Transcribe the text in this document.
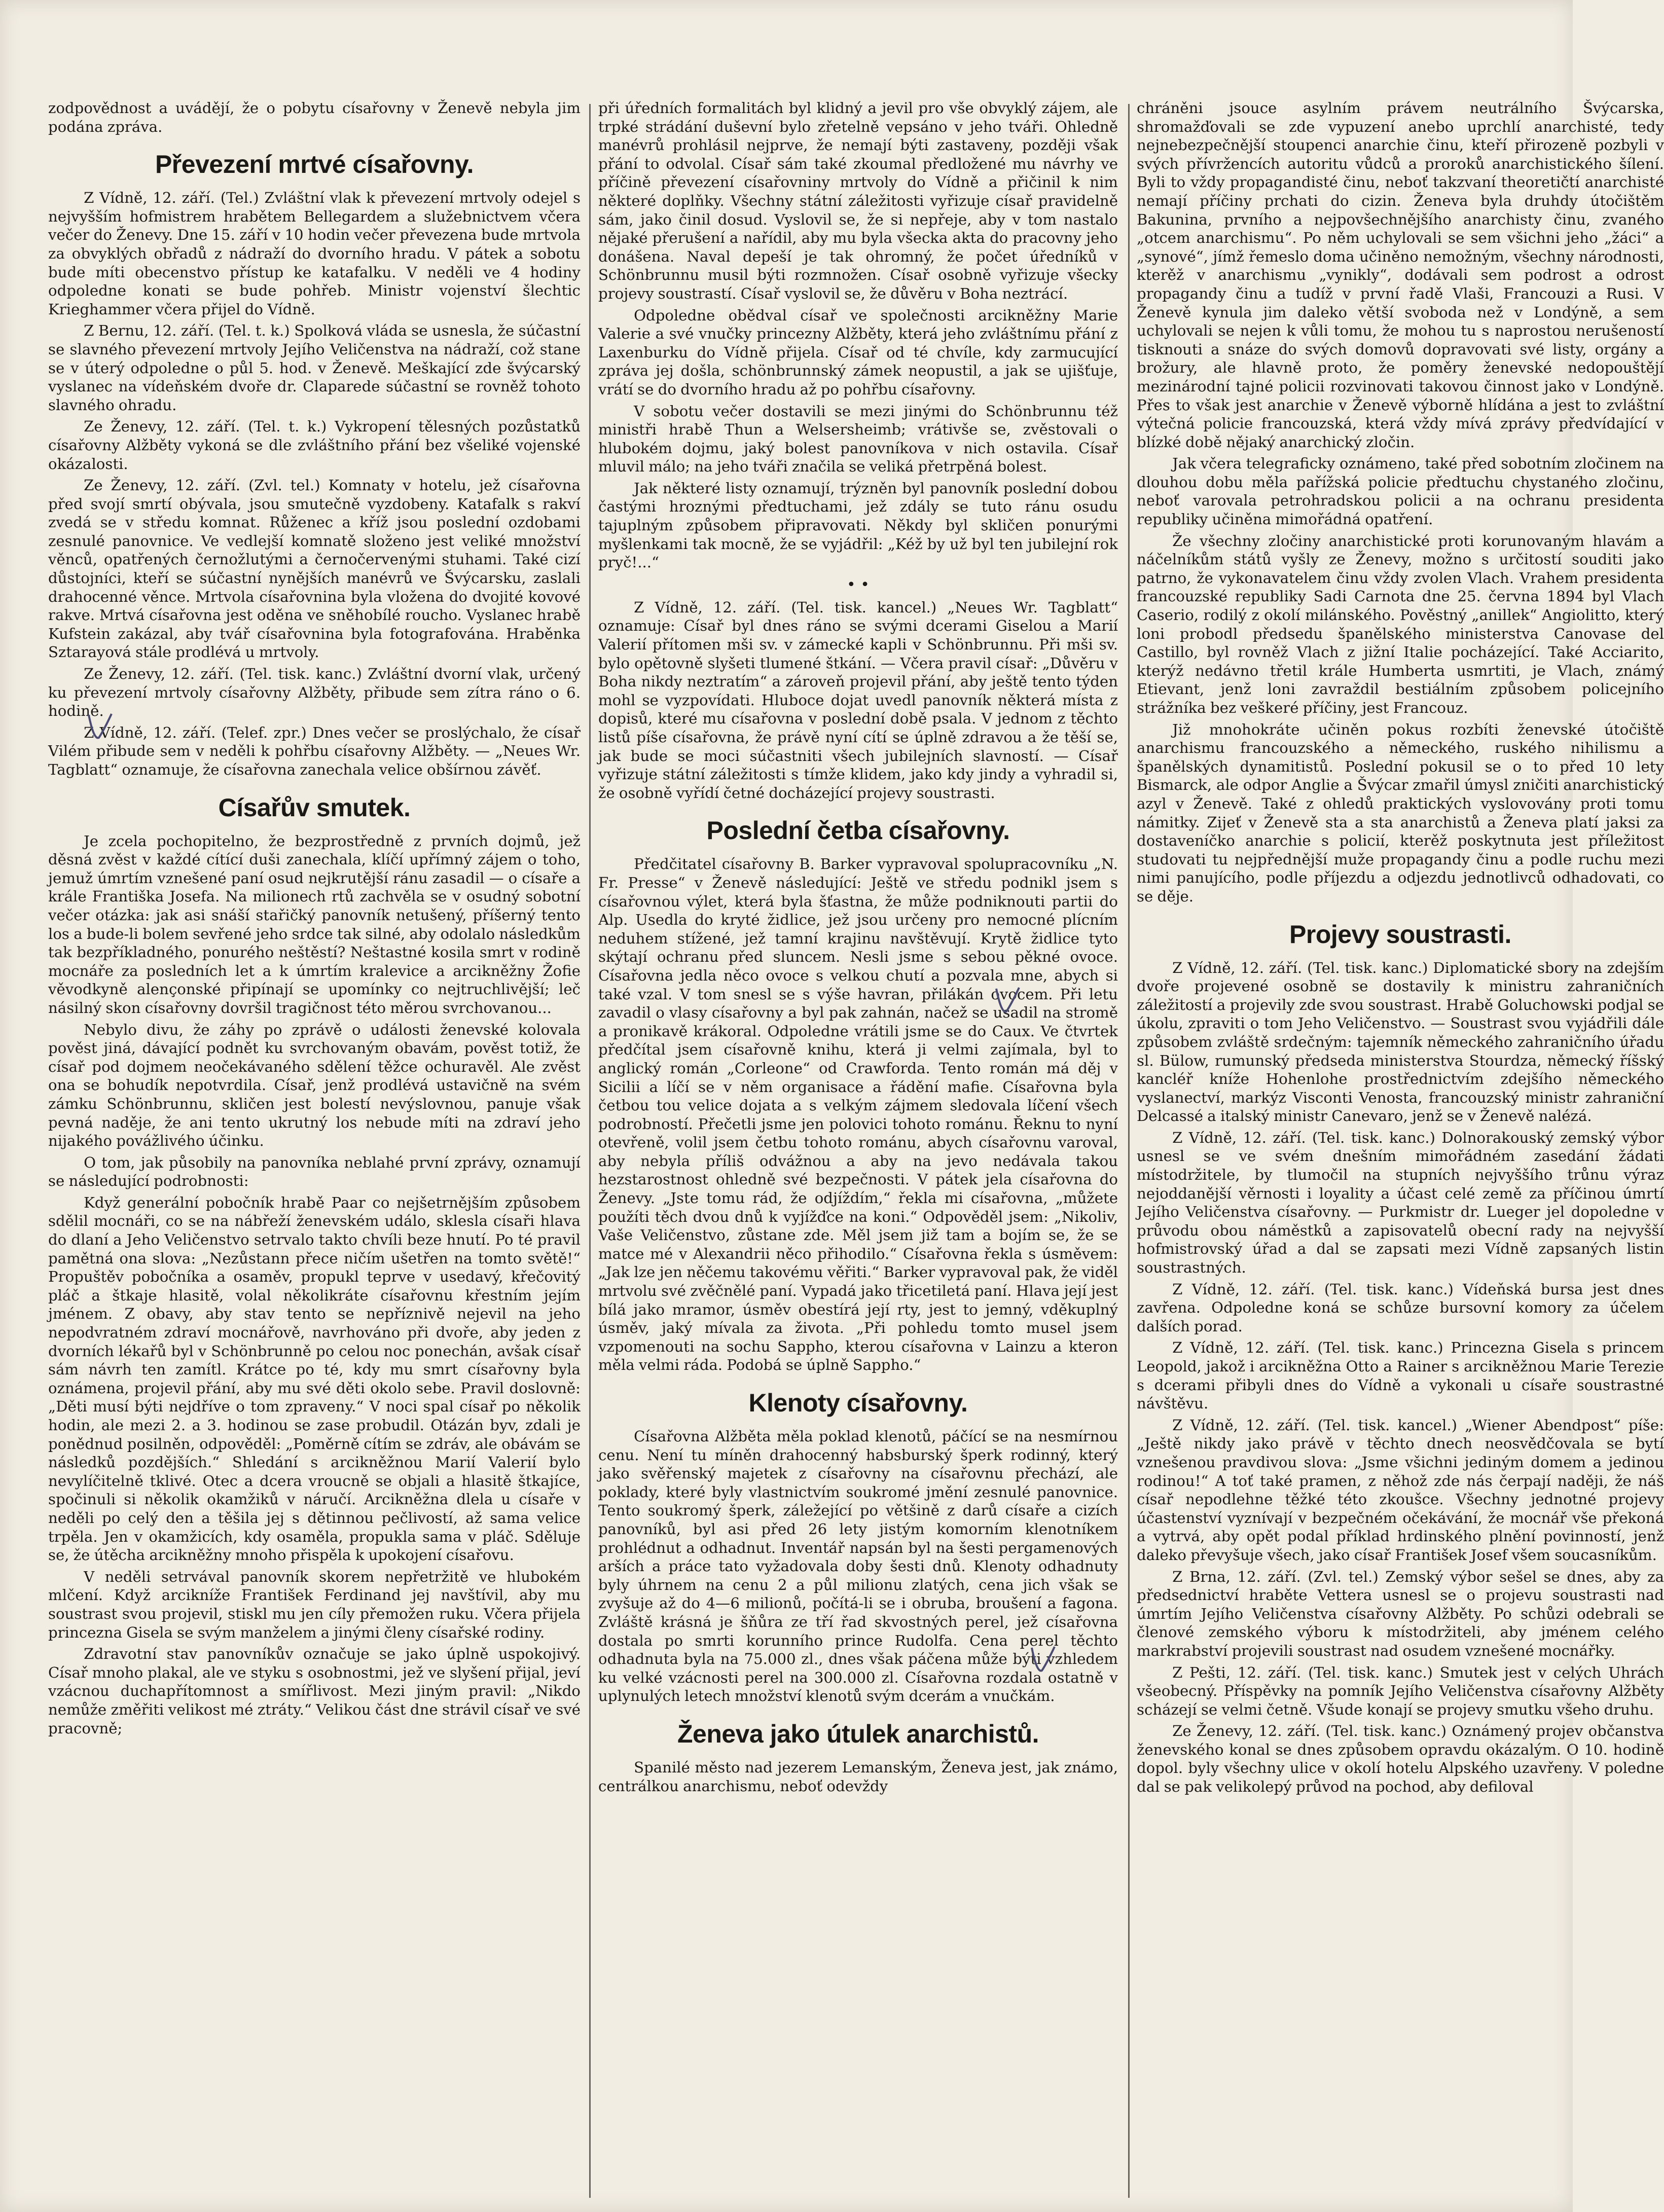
zodpovědnost a uvádějí, že o pobytu císařovny v Ženevě nebyla jim podána zpráva.

Převezení mrtvé císařovny.

Z Vídně, 12. září. (Tel.) Zvláštní vlak k převezení mrtvoly odejel s nejvyšším hofmistrem hrabětem Bellegardem a služebnictvem včera večer do Ženevy. Dne 15. září v 10 hodin večer převezena bude mrtvola za obvyklých obřadů z nádraží do dvorního hradu. V pátek a sobotu bude míti obecenstvo přístup ke katafalku. V neděli ve 4 hodiny odpoledne konati se bude pohřeb. Ministr vojenství šlechtic Krieghammer včera přijel do Vídně.

Z Bernu, 12. září. (Tel. t. k.) Spolková vláda se usnesla, že súčastní se slavného převezení mrtvoly Jejího Veličenstva na nádraží, což stane se v úterý odpoledne o půl 5. hod. v Ženevě. Meškající zde švýcarský vyslanec na vídeňském dvoře dr. Claparede súčastní se rovněž tohoto slavného ohradu.

Ze Ženevy, 12. září. (Tel. t. k.) Vykropení tělesných pozůstatků císařovny Alžběty vykoná se dle zvláštního přání bez všeliké vojenské okázalosti.

Ze Ženevy, 12. září. (Zvl. tel.) Komnaty v hotelu, jež císařovna před svojí smrtí obývala, jsou smutečně vyzdobeny. Katafalk s rakví zvedá se v středu komnat. Růženec a kříž jsou poslední ozdobami zesnulé panovnice. Ve vedlejší komnatě složeno jest veliké množství věnců, opatřených černožlutými a černočervenými stuhami. Také cizí důstojníci, kteří se súčastní nynějších manévrů ve Švýcarsku, zaslali drahocenné věnce. Mrtvola císařovnina byla vložena do dvojité kovové rakve. Mrtvá císařovna jest oděna ve sněhobílé roucho. Vyslanec hrabě Kufstein zakázal, aby tvář císařovnina byla fotografována. Hraběnka Sztarayová stále prodlévá u mrtvoly.

Ze Ženevy, 12. září. (Tel. tisk. kanc.) Zvláštní dvorní vlak, určený ku převezení mrtvoly císařovny Alžběty, přibude sem zítra ráno o 6. hodině.

Z Vídně, 12. září. (Telef. zpr.) Dnes večer se proslýchalo, že císař Vilém přibude sem v neděli k pohřbu císařovny Alžběty. — „Neues Wr. Tagblatt“ oznamuje, že císařovna zanechala velice obšírnou závěť.

Císařův smutek.

Je zcela pochopitelno, že bezprostředně z prvních dojmů, jež děsná zvěst v každé cítící duši zanechala, klíčí upřímný zájem o toho, jemuž úmrtím vznešené paní osud nejkrutější ránu zasadil — o císaře a krále Františka Josefa. Na milionech rtů zachvěla se v osudný sobotní večer otázka: jak asi snáší stařičký panovník netušený, příšerný tento los a bude-li bolem sevřené jeho srdce tak silné, aby odolalo následkům tak bezpříkladného, ponurého neštěstí? Neštastné kosila smrt v rodině mocnáře za posledních let a k úmrtím kralevice a arcikněžny Žofie věvodkyně alençonské připínají se upomínky co nejtruchlivější; leč násilný skon císařovny dovršil tragičnost této měrou svrchovanou...

Nebylo divu, že záhy po zprávě o události ženevské kolovala pověst jiná, dávající podnět ku svrchovaným obavám, pověst totiž, že císař pod dojmem neočekávaného sdělení těžce ochuravěl. Ale zvěst ona se bohudík nepotvrdila. Císař, jenž prodlévá ustavičně na svém zámku Schönbrunnu, skličen jest bolestí nevýslovnou, panuje však pevná naděje, že ani tento ukrutný los nebude míti na zdraví jeho nijakého povážlivého účinku.

O tom, jak působily na panovníka neblahé první zprávy, oznamují se následující podrobnosti:

Když generální pobočník hrabě Paar co nejšetrnějším způsobem sdělil mocnáři, co se na nábřeží ženevském událo, sklesla císaři hlava do dlaní a Jeho Veličenstvo setrvalo takto chvíli beze hnutí. Po té pravil pamětná ona slova: „Nezůstann přece ničím ušetřen na tomto světě!“ Propuštěv pobočníka a osaměv, propukl teprve v usedavý, křečovitý pláč a štkaje hlasitě, volal několikráte císařovnu křestním jejím jménem. Z obavy, aby stav tento se nepříznivě nejevil na jeho nepodvratném zdraví mocnářově, navrhováno při dvoře, aby jeden z dvorních lékařů byl v Schönbrunně po celou noc ponechán, avšak císař sám návrh ten zamítl. Krátce po té, kdy mu smrt císařovny byla oznámena, projevil přání, aby mu své děti okolo sebe. Pravil doslovně: „Děti musí býti nejdříve o tom zpraveny.“ V noci spal císař po několik hodin, ale mezi 2. a 3. hodinou se zase probudil. Otázán byv, zdali je ponědnud posilněn, odpověděl: „Poměrně cítím se zdráv, ale obávám se následků pozdějších.“ Shledání s arcikněžnou Marií Valerií bylo nevylíčitelně tklivé. Otec a dcera vroucně se objali a hlasitě štkajíce, spočinuli si několik okamžiků v náručí. Arcikněžna dlela u císaře v neděli po celý den a těšila jej s dětinnou pečlivostí, až sama velice trpěla. Jen v okamžicích, kdy osaměla, propukla sama v pláč. Sděluje se, že útěcha arcikněžny mnoho přispěla k upokojení císařovu.

V neděli setrvával panovník skorem nepřetržitě ve hlubokém mlčení. Když arcikníže František Ferdinand jej navštívil, aby mu soustrast svou projevil, stiskl mu jen cíly přemožen ruku. Včera přijela princezna Gisela se svým manželem a jinými členy císařské rodiny.

Zdravotní stav panovníkův označuje se jako úplně uspokojivý. Císař mnoho plakal, ale ve styku s osobnostmi, jež ve slyšení přijal, jeví vzácnou duchapřítomnost a smířlivost. Mezi jiným pravil: „Nikdo nemůže změřiti velikost mé ztráty.“ Velikou část dne strávil císař ve své pracovně;

při úředních formalitách byl klidný a jevil pro vše obvyklý zájem, ale trpké strádání duševní bylo zřetelně vepsáno v jeho tváři. Ohledně manévrů prohlásil nejprve, že nemají býti zastaveny, později však přání to odvolal. Císař sám také zkoumal předložené mu návrhy ve příčině převezení císařovniny mrtvoly do Vídně a přičinil k nim některé doplňky. Všechny státní záležitosti vyřizuje císař pravidelně sám, jako činil dosud. Vyslovil se, že si nepřeje, aby v tom nastalo nějaké přerušení a nařídil, aby mu byla všecka akta do pracovny jeho donášena. Naval depeší je tak ohromný, že počet úředníků v Schönbrunnu musil býti rozmnožen. Císař osobně vyřizuje všecky projevy soustrastí. Císař vyslovil se, že důvěru v Boha neztrácí.

Odpoledne obědval císař ve společnosti arcikněžny Marie Valerie a své vnučky princezny Alžběty, která jeho zvláštnímu přání z Laxenburku do Vídně přijela. Císař od té chvíle, kdy zarmucující zpráva jej došla, schönbrunnský zámek neopustil, a jak se ujišťuje, vrátí se do dvorního hradu až po pohřbu císařovny.

V sobotu večer dostavili se mezi jinými do Schönbrunnu též ministři hrabě Thun a Welsersheimb; vrátivše se, zvěstovali o hlubokém dojmu, jaký bolest panovníkova v nich ostavila. Císař mluvil málo; na jeho tváři značila se veliká přetrpěná bolest.

Jak některé listy oznamují, trýzněn byl panovník poslední dobou častými hroznými předtuchami, jež zdály se tuto ránu osudu tajuplným způsobem připravovati. Někdy byl skličen ponurými myšlenkami tak mocně, že se vyjádřil: „Kéž by už byl ten jubilejní rok pryč!...“

• •

Z Vídně, 12. září. (Tel. tisk. kancel.) „Neues Wr. Tagblatt“ oznamuje: Císař byl dnes ráno se svými dcerami Giselou a Marií Valerií přítomen mši sv. v zámecké kapli v Schönbrunnu. Při mši sv. bylo opětovně slyšeti tlumené štkání. — Včera pravil císař: „Důvěru v Boha nikdy neztratím“ a zároveň projevil přání, aby ještě tento týden mohl se vyzpovídati. Hluboce dojat uvedl panovník některá místa z dopisů, které mu císařovna v poslední době psala. V jednom z těchto listů píše císařovna, že právě nyní cítí se úplně zdravou a že těší se, jak bude se moci súčastniti všech jubilejních slavností. — Císař vyřizuje státní záležitosti s tímže klidem, jako kdy jindy a vyhradil si, že osobně vyřídí četné docházející projevy soustrasti.

Poslední četba císařovny.

Předčitatel císařovny B. Barker vypravoval spolupracovníku „N. Fr. Presse“ v Ženevě následující: Ještě ve středu podnikl jsem s císařovnou výlet, která byla šťastna, že může podniknouti partii do Alp. Usedla do kryté židlice, jež jsou určeny pro nemocné plícním neduhem stížené, jež tamní krajinu navštěvují. Krytě židlice tyto skýtají ochranu před sluncem. Nesli jsme s sebou pěkné ovoce. Císařovna jedla něco ovoce s velkou chutí a pozvala mne, abych si také vzal. V tom snesl se s výše havran, přilákán ovocem. Při letu zavadil o vlasy císařovny a byl pak zahnán, načež se usadil na stromě a pronikavě krákoral. Odpoledne vrátili jsme se do Caux. Ve čtvrtek předčítal jsem císařovně knihu, která ji velmi zajímala, byl to anglický román „Corleone“ od Crawforda. Tento román má děj v Sicilii a líčí se v něm organisace a řádění mafie. Císařovna byla četbou tou velice dojata a s velkým zájmem sledovala líčení všech podrobností. Přečetli jsme jen polovici tohoto románu. Řeknu to nyní otevřeně, volil jsem četbu tohoto románu, abych císařovnu varoval, aby nebyla příliš odvážnou a aby na jevo nedávala takou hezstarostnost ohledně své bezpečnosti. V pátek jela císařovna do Ženevy. „Jste tomu rád, že odjíždím,“ řekla mi císařovna, „můžete použíti těch dvou dnů k vyjížďce na koni.“ Odpověděl jsem: „Nikoliv, Vaše Veličenstvo, zůstane zde. Měl jsem již tam a bojím se, že se matce mé v Alexandrii něco přihodilo.“ Císařovna řekla s úsměvem: „Jak lze jen něčemu takovému věřiti.“ Barker vypravoval pak, že viděl mrtvolu své zvěčnělé paní. Vypadá jako třicetiletá paní. Hlava její jest bílá jako mramor, úsměv obestírá její rty, jest to jemný, vděkuplný úsměv, jaký mívala za života. „Při pohledu tomto musel jsem vzpomenouti na sochu Sappho, kterou císařovna v Lainzu a kteron měla velmi ráda. Podobá se úplně Sappho.“

Klenoty císařovny.

Císařovna Alžběta měla poklad klenotů, páčící se na nesmírnou cenu. Není tu míněn drahocenný habsburský šperk rodinný, který jako svěřenský majetek z císařovny na císařovnu přechází, ale poklady, které byly vlastnictvím soukromé jmění zesnulé panovnice. Tento soukromý šperk, záležející po většině z darů císaře a cizích panovníků, byl asi před 26 lety jistým komorním klenotníkem prohlédnut a odhadnut. Inventář napsán byl na šesti pergamenových arších a práce tato vyžadovala doby šesti dnů. Klenoty odhadnuty byly úhrnem na cenu 2 a půl milionu zlatých, cena jich však se zvyšuje až do 4—6 milionů, počítá-li se i obruba, broušení a fagona. Zvláště krásná je šňůra ze tří řad skvostných perel, jež císařovna dostala po smrti korunního prince Rudolfa. Cena perel těchto odhadnuta byla na 75.000 zl., dnes však páčena může býti vzhledem ku velké vzácnosti perel na 300.000 zl. Císařovna rozdala ostatně v uplynulých letech množství klenotů svým dcerám a vnučkám.

Ženeva jako útulek anarchistů.

Spanilé město nad jezerem Lemanským, Ženeva jest, jak známo, centrálkou anarchismu, neboť odevždy

chráněni jsouce asylním právem neutrálního Švýcarska, shromažďovali se zde vypuzení anebo uprchlí anarchisté, tedy nejnebezpečnější stoupenci anarchie činu, kteří přirozeně pozbyli v svých přívržencích autoritu vůdců a proroků anarchistického šílení. Byli to vždy propagandisté činu, neboť takzvaní theoretičtí anarchisté nemají příčiny prchati do cizin. Ženeva byla druhdy útočištěm Bakunina, prvního a nejpovšechnějšího anarchisty činu, zvaného „otcem anarchismu“. Po něm uchylovali se sem všichni jeho „žáci“ a „synové“, jímž řemeslo doma učiněno nemožným, všechny národnosti, kterěž v anarchismu „vynikly“, dodávali sem podrost a odrost propagandy činu a tudíž v první řadě Vlaši, Francouzi a Rusi. V Ženevě kynula jim daleko větší svoboda než v Londýně, a sem uchylovali se nejen k vůli tomu, že mohou tu s naprostou nerušeností tisknouti a snáze do svých domovů dopravovati své listy, orgány a brožury, ale hlavně proto, že poměry ženevské nedopouštějí mezinárodní tajné policii rozvinovati takovou činnost jako v Londýně. Přes to však jest anarchie v Ženevě výborně hlídána a jest to zvláštní výtečná policie francouzská, která vždy mívá zprávy předvídající v blízké době nějaký anarchický zločin.

Jak včera telegraficky oznámeno, také před sobotním zločinem na dlouhou dobu měla pařížská policie předtuchu chystaného zločinu, neboť varovala petrohradskou policii a na ochranu presidenta republiky učiněna mimořádná opatření.

Že všechny zločiny anarchistické proti korunovaným hlavám a náčelníkům států vyšly ze Ženevy, možno s určitostí souditi jako patrno, že vykonavatelem činu vždy zvolen Vlach. Vrahem presidenta francouzské republiky Sadi Carnota dne 25. června 1894 byl Vlach Caserio, rodilý z okolí milánského. Pověstný „anillek“ Angiolitto, který loni probodl předsedu španělského ministerstva Canovase del Castillo, byl rovněž Vlach z jižní Italie pocházející. Také Acciarito, kterýž nedávno třetil krále Humberta usmrtiti, je Vlach, známý Etievant, jenž loni zavraždil bestiálním způsobem policejního strážníka bez veškeré příčiny, jest Francouz.

Již mnohokráte učiněn pokus rozbíti ženevské útočiště anarchismu francouzského a německého, ruského nihilismu a španělských dynamitistů. Poslední pokusil se o to před 10 lety Bismarck, ale odpor Anglie a Švýcar zmařil úmysl zničiti anarchistický azyl v Ženevě. Také z ohledů praktických vyslovovány proti tomu námitky. Zijeť v Ženevě sta a sta anarchistů a Ženeva platí jaksi za dostaveníčko anarchie s policií, kterěž poskytnuta jest příležitost studovati tu nejpřednější muže propagandy činu a podle ruchu mezi nimi panujícího, podle příjezdu a odjezdu jednotlivců odhadovati, co se děje.

Projevy soustrasti.

Z Vídně, 12. září. (Tel. tisk. kanc.) Diplomatické sbory na zdejším dvoře projevené osobně se dostavily k ministru zahraničních záležitostí a projevily zde svou soustrast. Hrabě Goluchowski podjal se úkolu, zpraviti o tom Jeho Veličenstvo. — Soustrast svou vyjádřili dále způsobem zvláště srdečným: tajemník německého zahraničního úřadu sl. Bülow, rumunský předseda ministerstva Stourdza, německý říšský kancléř kníže Hohenlohe prostřednictvím zdejšího německého vyslanectví, markýz Visconti Venosta, francouzský ministr zahraniční Delcassé a italský ministr Canevaro, jenž se v Ženevě nalézá.

Z Vídně, 12. září. (Tel. tisk. kanc.) Dolnorakouský zemský výbor usnesl se ve svém dnešním mimořádném zasedání žádati místodržitele, by tlumočil na stupních nejvyššího trůnu výraz nejoddanější věrnosti i loyality a účast celé země za příčinou úmrtí Jejího Veličenstva císařovny. — Purkmistr dr. Lueger jel dopoledne v průvodu obou náměstků a zapisovatelů obecní rady na nejvyšší hofmistrovský úřad a dal se zapsati mezi Vídně zapsaných listin soustrastných.

Z Vídně, 12. září. (Tel. tisk. kanc.) Vídeňská bursa jest dnes zavřena. Odpoledne koná se schůze bursovní komory za účelem dalších porad.

Z Vídně, 12. září. (Tel. tisk. kanc.) Princezna Gisela s princem Leopold, jakož i arcikněžna Otto a Rainer s arcikněžnou Marie Terezie s dcerami přibyli dnes do Vídně a vykonali u císaře soustrastné návštěvu.

Z Vídně, 12. září. (Tel. tisk. kancel.) „Wiener Abendpost“ píše: „Ještě nikdy jako právě v těchto dnech neosvědčovala se bytí vznešenou pravdivou slova: „Jsme všichni jediným domem a jedinou rodinou!“ A toť také pramen, z něhož zde nás čerpají naději, že náš císař nepodlehne těžké této zkoušce. Všechny jednotné projevy účastenství vyznívají v bezpečném očekávání, že mocnář vše překoná a vytrvá, aby opět podal příklad hrdinského plnění povinností, jenž daleko převyšuje všech, jako císař František Josef všem soucasníkům.

Z Brna, 12. září. (Zvl. tel.) Zemský výbor sešel se dnes, aby za předsednictví hraběte Vettera usnesl se o projevu soustrasti nad úmrtím Jejího Veličenstva císařovny Alžběty. Po schůzi odebrali se členové zemského výboru k místodržiteli, aby jménem celého markrabství projevili soustrast nad osudem vznešené mocnářky.

Z Pešti, 12. září. (Tel. tisk. kanc.) Smutek jest v celých Uhrách všeobecný. Příspěvky na pomník Jejího Veličenstva císařovny Alžběty scházejí se velmi četně. Všude konají se projevy smutku všeho druhu.

Ze Ženevy, 12. září. (Tel. tisk. kanc.) Oznámený projev občanstva ženevského konal se dnes způsobem opravdu okázalým. O 10. hodině dopol. byly všechny ulice v okolí hotelu Alpského uzavřeny. V poledne dal se pak velikolepý průvod na pochod, aby defiloval
